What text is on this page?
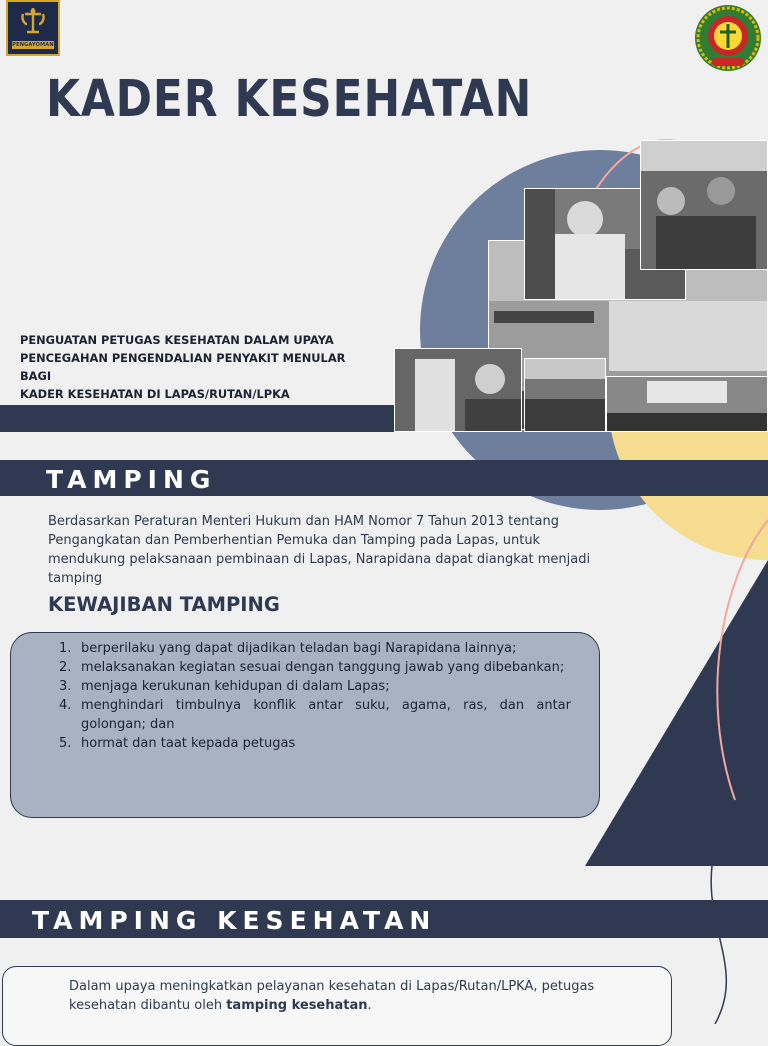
PENGAYOMAN
KADER KESEHATAN
PENGUATAN PETUGAS KESEHATAN DALAM UPAYA
PENCEGAHAN PENGENDALIAN PENYAKIT MENULAR BAGI
KADER KESEHATAN DI LAPAS/RUTAN/LPKA
TAMPING
Berdasarkan Peraturan Menteri Hukum dan HAM Nomor 7 Tahun 2013 tentang Pengangkatan dan Pemberhentian Pemuka dan Tamping pada Lapas, untuk mendukung pelaksanaan pembinaan di Lapas, Narapidana dapat diangkat menjadi tamping
KEWAJIBAN TAMPING
1. berperilaku yang dapat dijadikan teladan bagi Narapidana lainnya;
2. melaksanakan kegiatan sesuai dengan tanggung jawab yang dibebankan;
3. menjaga kerukunan kehidupan di dalam Lapas;
4. menghindari timbulnya konflik antar suku, agama, ras, dan antar golongan; dan
5. hormat dan taat kepada petugas
TAMPING KESEHATAN
Dalam upaya meningkatkan pelayanan kesehatan di Lapas/Rutan/LPKA, petugas kesehatan dibantu oleh tamping kesehatan.
